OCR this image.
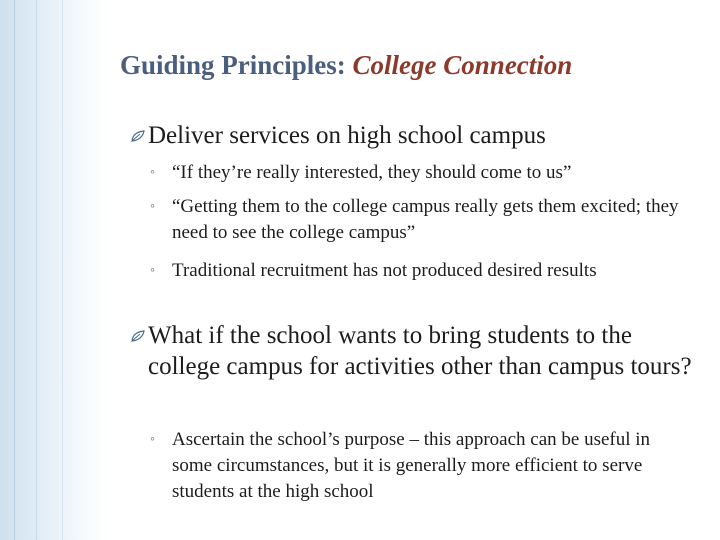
Guiding Principles: College Connection
Deliver services on high school campus
◦ “If they’re really interested, they should come to us”
◦ “Getting them to the college campus really gets them excited; they need to see the college campus”
◦ Traditional recruitment has not produced desired results
What if the school wants to bring students to the college campus for activities other than campus tours?
◦ Ascertain the school’s purpose – this approach can be useful in some circumstances, but it is generally more efficient to serve students at the high school
